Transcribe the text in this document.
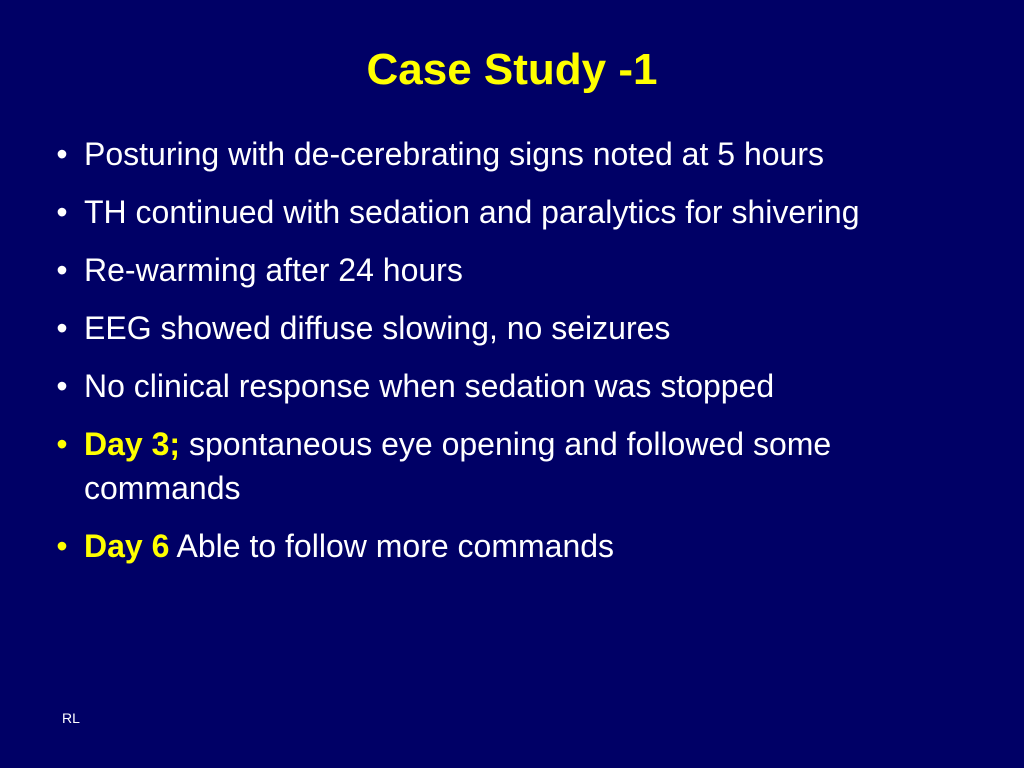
Case Study -1
•
Posturing with de-cerebrating signs noted at 5 hours
•
TH continued with sedation and paralytics for shivering
•
Re-warming after 24 hours
•
EEG showed diffuse slowing, no seizures
•
No clinical response when sedation was stopped
•
Day 3; spontaneous eye opening and followed some commands
•
Day 6 Able to follow more commands
RL
